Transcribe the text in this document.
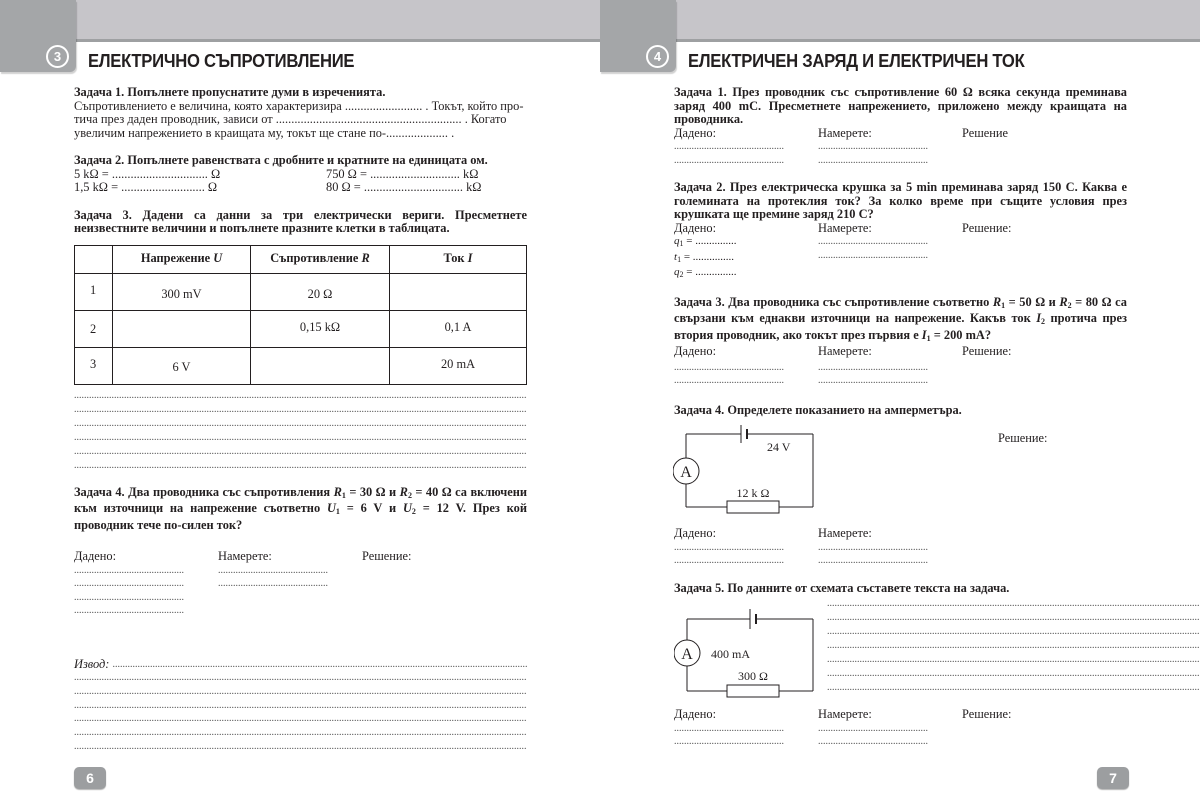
3	ЕЛЕКТРИЧНО СЪПРОТИВЛЕНИЕ
Задача 1. Попълнете пропуснатите думи в изреченията.
Съпротивлението е величина, която характеризира ......................... . Токът, който про-
тича през даден проводник, зависи от ............................................................ . Когато
увеличим напрежението в краищата му, токът ще стане по-.................... .
Задача 2. Попълнете равенствата с дробните и кратните на единицата ом.
5 kΩ = ............................... Ω	750 Ω = ............................. kΩ
1,5 kΩ = ........................... Ω	80 Ω = ................................ kΩ
Задача 3. Дадени са данни за три електрически вериги. Пресметнете неизвестните величини и попълнете празните клетки в таблицата.
	Напрежение U	Съпротивление R	Ток I
1	300 mV	20 Ω	
2		0,15 kΩ	0,1 A
3	6 V		20 mA
.....
.....
.....
.....
.....
.....
Задача 4. Два проводника със съпротивления $R_1 = 30$ Ω и $R_2 = 40$ Ω са включени към източници на напрежение съответно $U_1 = 6$ V и $U_2 = 12$ V. През кой проводник тече по-силен ток?
Дадено:
.....
.....
.....
.....	Намерете:
.....
.....	Решение:
Извод:
.....
.....
.....
.....
.....
.....
.....
6
4	ЕЛЕКТРИЧЕН ЗАРЯД И ЕЛЕКТРИЧЕН ТОК
Задача 1. През проводник със съпротивление 60 Ω всяка секунда преминава заряд 400 mC. Пресметнете напрежението, приложено между краищата на проводника.
Дадено:
.....
.....	Намерете:
.....
.....	Решение
Задача 2. През електрическа крушка за 5 min преминава заряд 150 C. Каква е големината на протеклия ток? За колко време при същите условия през крушката ще премине заряд 210 C?
Дадено:
$q_1$ = ...............
$t_1$ = ...............
$q_2$ = ...............
Намерете:
.....
.....	Решение:
Задача 3. Два проводника със съпротивление съответно $R_1 = 50$ Ω и $R_2 = 80$ Ω са свързани към еднакви източници на напрежение. Какъв ток $I_2$ протича през втория проводник, ако токът през първия е $I_1 = 200$ mA?
Дадено:
.....
.....	Намерете:
.....
.....	Решение:
Задача 4. Определете показанието на амперметъра.
A
24 V
12 k Ω
Решение:
Дадено:
.....
.....	Намерете:
.....
.....
Задача 5. По данните от схемата съставете текста на задача.
A 400 mA
300 Ω
.....
.....
.....
.....
.....
.....
.....
Дадено:
.....
.....	Намерете:
.....
.....	Решение:
7
